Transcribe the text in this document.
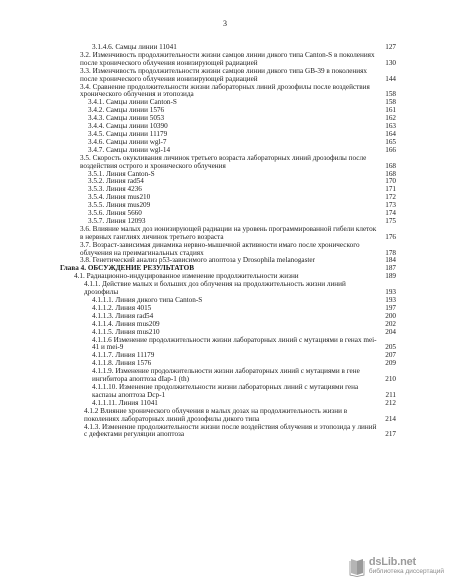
3
3.1.4.6. Самцы линии 11041	127
3.2. Изменчивость продолжительности жизни самцов линии дикого типа Canton-S в поколениях после хронического облучения ионизирующей радиацией	130
3.3. Изменчивость продолжительности жизни самцов линии дикого типа GB-39 в поколениях после хронического облучения ионизирующей радиацией	144
3.4. Сравнение продолжительности жизни лабораторных линий дрозофилы после воздействия хронического облучения и этопозида	158
3.4.1. Самцы линии Canton-S	158
3.4.2. Самцы линии 1576	161
3.4.3. Самцы линии 5053	162
3.4.4. Самцы линии 10390	163
3.4.5. Самцы линии 11179	164
3.4.6. Самцы линии wgl-7	165
3.4.7. Самцы линии wgl-14	166
3.5. Скорость окукливания личинок третьего возраста лабораторных линий дрозофилы после воздействия острого и хронического облучения	168
3.5.1. Линия Canton-S	168
3.5.2. Линия rad54	170
3.5.3. Линия 4236	171
3.5.4. Линия mus210	172
3.5.5. Линия mus209	173
3.5.6. Линия 5660	174
3.5.7. Линия 12093	175
3.6. Влияние малых доз ионизирующей радиации на уровень программированной гибели клеток в нервных ганглиях личинок третьего возраста	176
3.7. Возраст-зависимая динамика нервно-мышечной активности имаго после хронического облучения на преимагинальных стадиях	178
3.8. Генетический анализ р53-зависимого апоптоза у Drosophila melanogaster	184
Глава 4. ОБСУЖДЕНИЕ РЕЗУЛЬТАТОВ	187
4.1. Радиационно-индуцированное изменение продолжительности жизни	189
4.1.1. Действие малых и больших доз облучения на продолжительность жизни линий дрозофилы	193
4.1.1.1. Линия дикого типа Canton-S	193
4.1.1.2. Линия 4015	197
4.1.1.3. Линия rad54	200
4.1.1.4. Линия mus209	202
4.1.1.5. Линия mus210	204
4.1.1.6 Изменение продолжительности жизни лабораторных линий с мутациями в генах mei-41 и mei-9	205
4.1.1.7. Линия 11179	207
4.1.1.8. Линия 1576	209
4.1.1.9. Изменение продолжительности жизни лабораторных линий с мутациями в гене ингибитора апоптоза dIap-1 (th)	210
4.1.1.10. Изменение продолжительности жизни лабораторных линий с мутациями гена каспазы апоптоза Dcp-1	211
4.1.1.11. Линия 11041	212
4.1.2 Влияние хронического облучения в малых дозах на продолжительность жизни в поколениях лабораторных линий дрозофилы дикого типа	214
4.1.3. Изменение продолжительности жизни после воздействия облучения и этопозида у линий с дефектами регуляции апоптоза	217
dsLib.net
библиотека диссертаций
